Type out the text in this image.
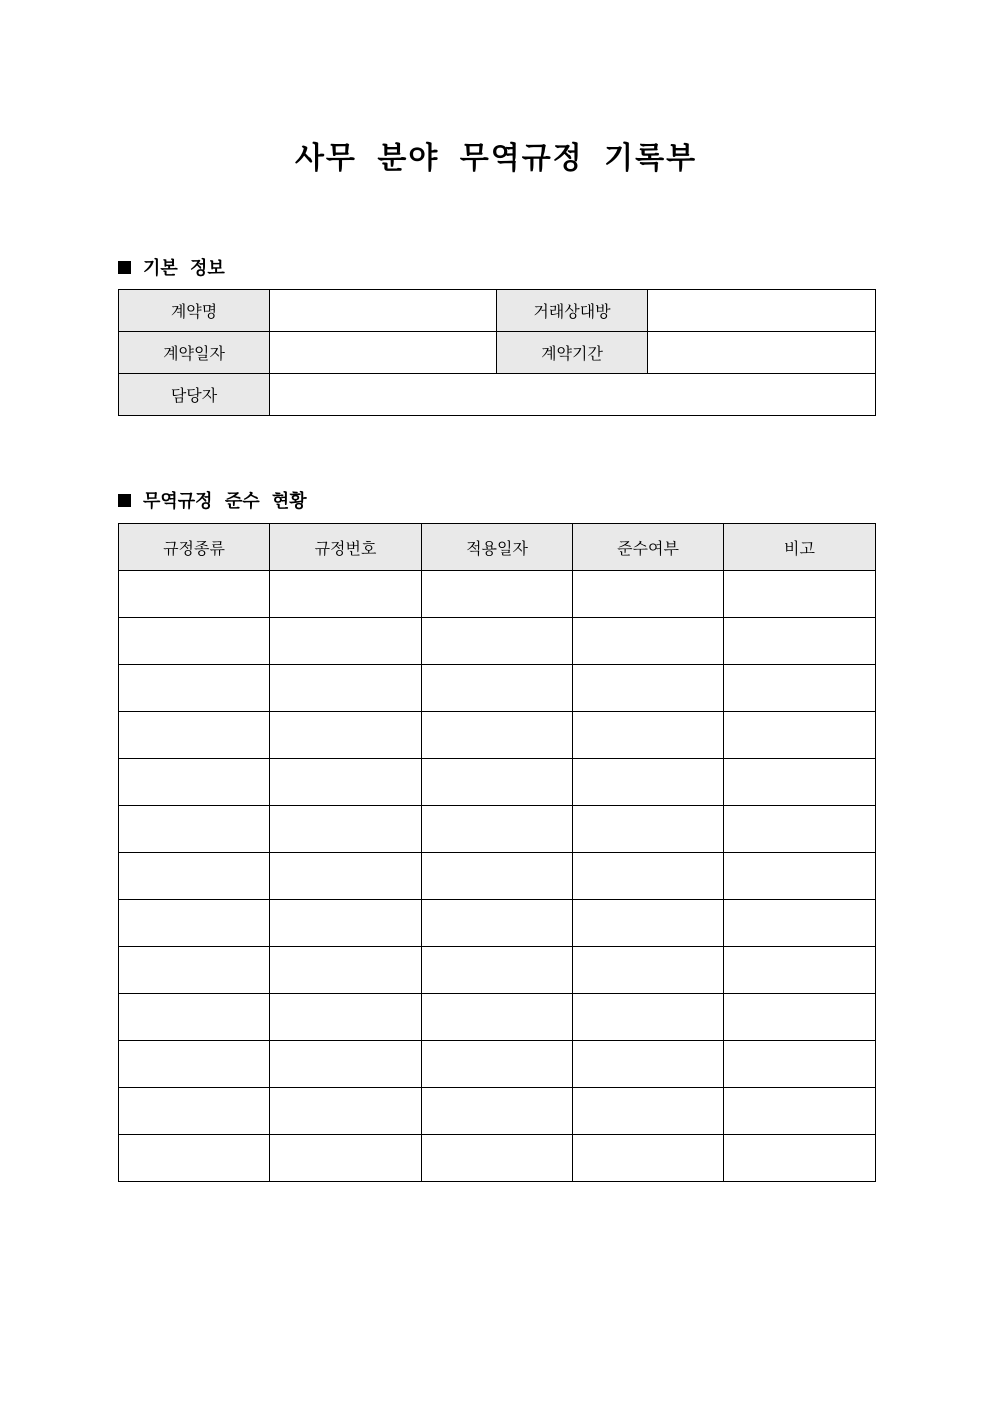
사무 분야 무역규정 기록부
기본 정보
계약명		거래상대방	
계약일자		계약기간	
담당자			
무역규정 준수 현황
규정종류	규정번호	적용일자	준수여부	비고
